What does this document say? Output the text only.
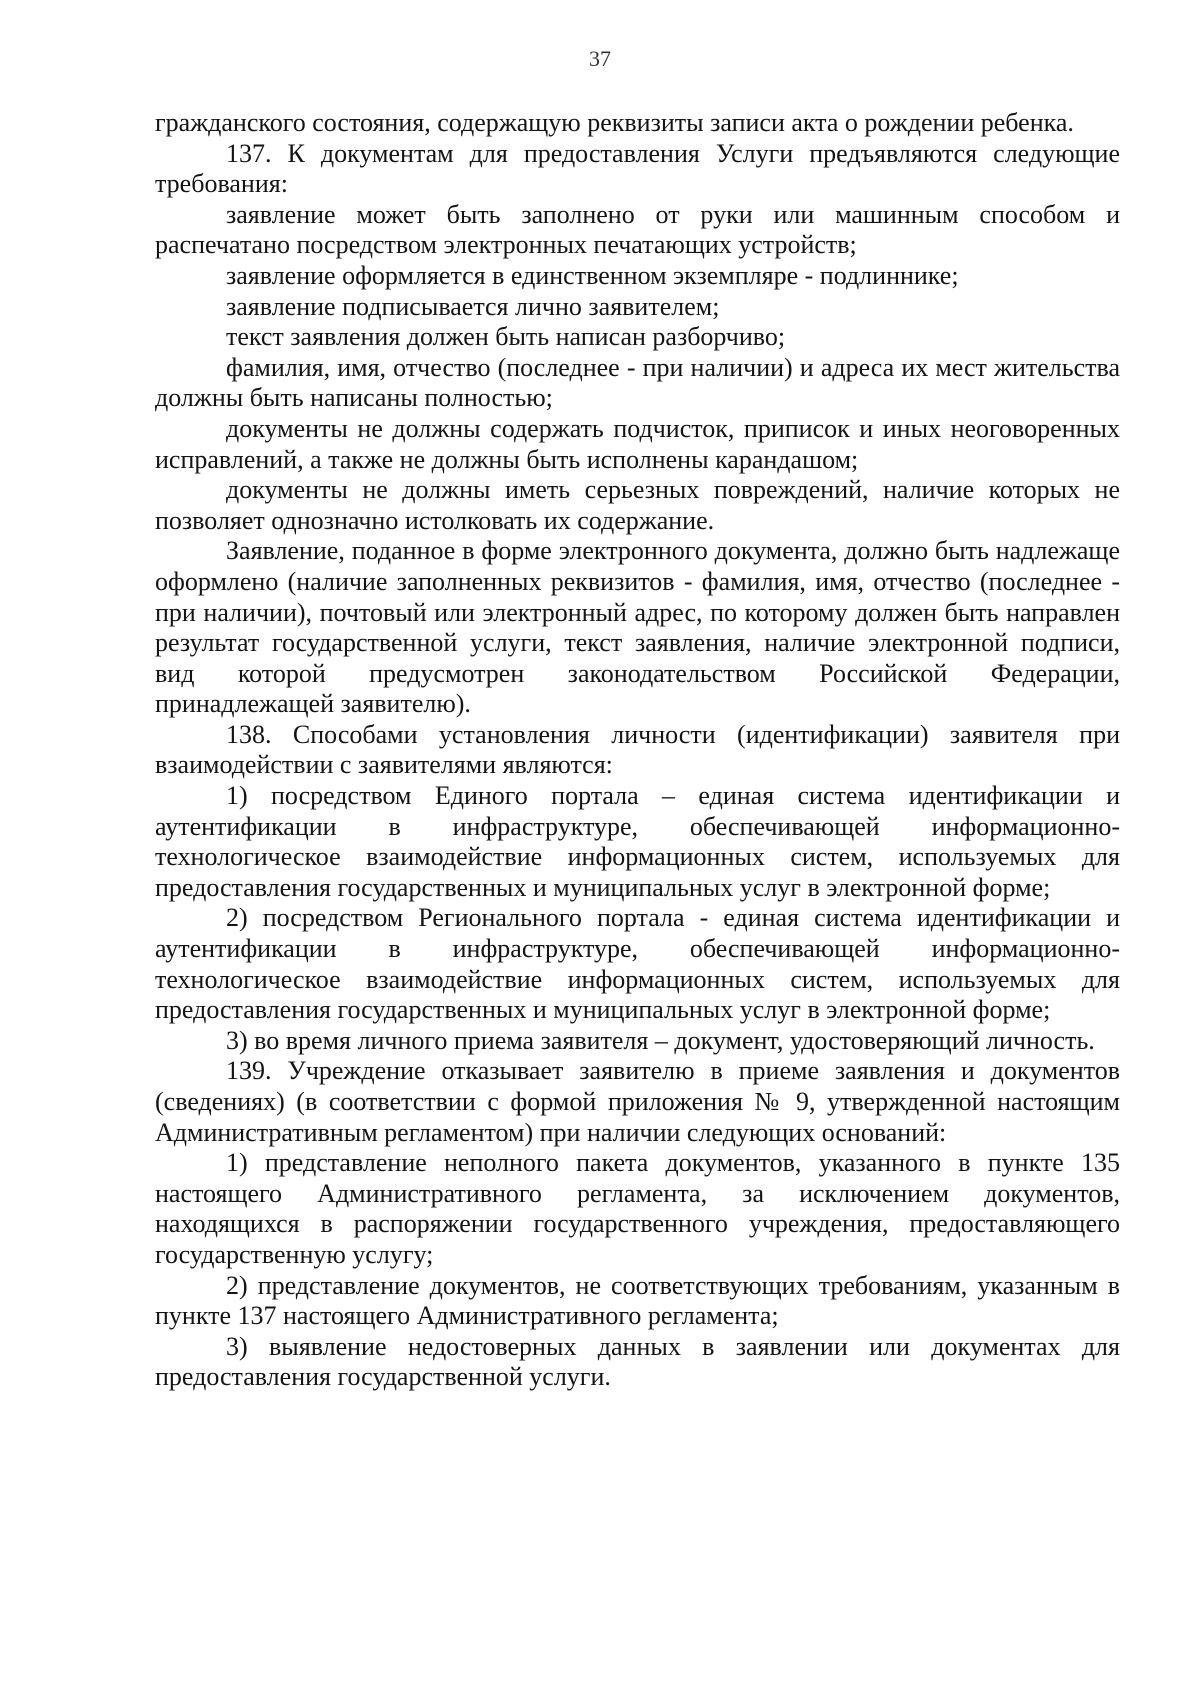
37

гражданского состояния, содержащую реквизиты записи акта о рождении ребенка.

137. К документам для предоставления Услуги предъявляются следующие требования:

заявление может быть заполнено от руки или машинным способом и распечатано посредством электронных печатающих устройств;

заявление оформляется в единственном экземпляре - подлиннике;

заявление подписывается лично заявителем;

текст заявления должен быть написан разборчиво;

фамилия, имя, отчество (последнее - при наличии) и адреса их мест жительства должны быть написаны полностью;

документы не должны содержать подчисток, приписок и иных неоговоренных исправлений, а также не должны быть исполнены карандашом;

документы не должны иметь серьезных повреждений, наличие которых не позволяет однозначно истолковать их содержание.

Заявление, поданное в форме электронного документа, должно быть надлежаще оформлено (наличие заполненных реквизитов - фамилия, имя, отчество (последнее - при наличии), почтовый или электронный адрес, по которому должен быть направлен результат государственной услуги, текст заявления, наличие электронной подписи, вид которой предусмотрен законодательством Российской Федерации, принадлежащей заявителю).

138. Способами установления личности (идентификации) заявителя при взаимодействии с заявителями являются:

1) посредством Единого портала – единая система идентификации и аутентификации в инфраструктуре, обеспечивающей информационно-технологическое взаимодействие информационных систем, используемых для предоставления государственных и муниципальных услуг в электронной форме;

2) посредством Регионального портала - единая система идентификации и аутентификации в инфраструктуре, обеспечивающей информационно-технологическое взаимодействие информационных систем, используемых для предоставления государственных и муниципальных услуг в электронной форме;

3) во время личного приема заявителя – документ, удостоверяющий личность.

139. Учреждение отказывает заявителю в приеме заявления и документов (сведениях) (в соответствии с формой приложения № 9, утвержденной настоящим Административным регламентом) при наличии следующих оснований:

1) представление неполного пакета документов, указанного в пункте 135 настоящего Административного регламента, за исключением документов, находящихся в распоряжении государственного учреждения, предоставляющего государственную услугу;

2) представление документов, не соответствующих требованиям, указанным в пункте 137 настоящего Административного регламента;

3) выявление недостоверных данных в заявлении или документах для предоставления государственной услуги.
